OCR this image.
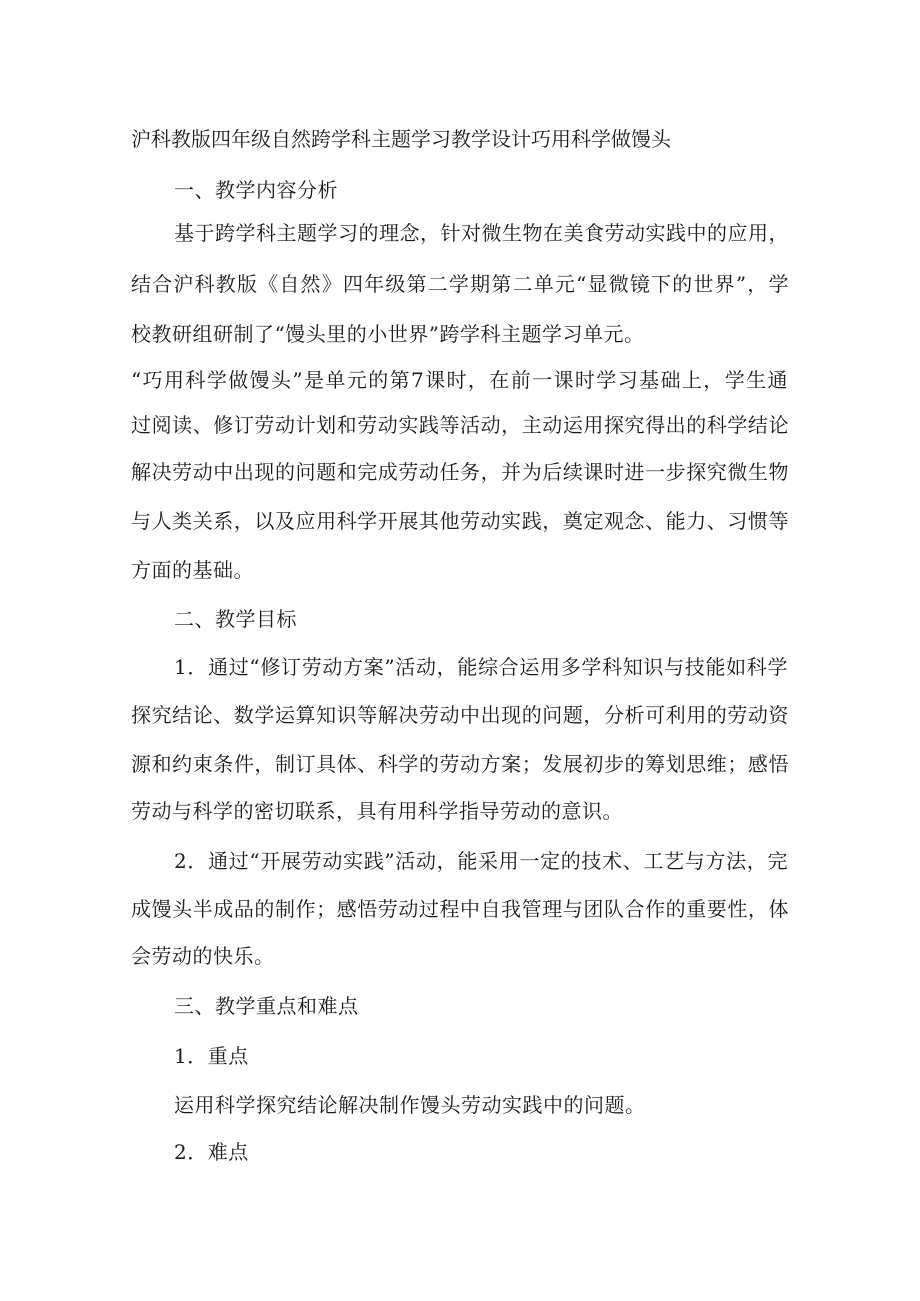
沪科教版四年级自然跨学科主题学习教学设计巧用科学做馒头
一、教学内容分析
基于跨学科主题学习的理念，针对微生物在美食劳动实践中的应用，
结合沪科教版《自然》四年级第二学期第二单元“显微镜下的世界”，学
校教研组研制了“馒头里的小世界”跨学科主题学习单元。
“巧用科学做馒头”是单元的第7课时，在前一课时学习基础上，学生通
过阅读、修订劳动计划和劳动实践等活动，主动运用探究得出的科学结论
解决劳动中出现的问题和完成劳动任务，并为后续课时进一步探究微生物
与人类关系，以及应用科学开展其他劳动实践，奠定观念、能力、习惯等
方面的基础。
二、教学目标
1．通过“修订劳动方案”活动，能综合运用多学科知识与技能如科学
探究结论、数学运算知识等解决劳动中出现的问题，分析可利用的劳动资
源和约束条件，制订具体、科学的劳动方案；发展初步的筹划思维；感悟
劳动与科学的密切联系，具有用科学指导劳动的意识。
2．通过“开展劳动实践”活动，能采用一定的技术、工艺与方法，完
成馒头半成品的制作；感悟劳动过程中自我管理与团队合作的重要性，体
会劳动的快乐。
三、教学重点和难点
1．重点
运用科学探究结论解决制作馒头劳动实践中的问题。
2．难点
